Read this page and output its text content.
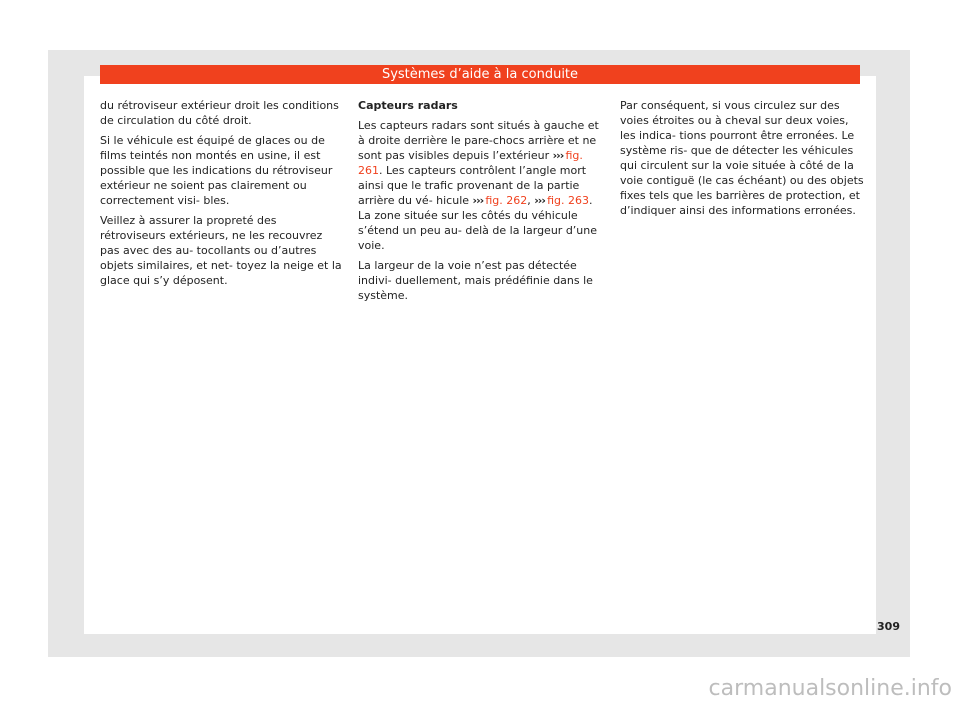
Systèmes d’aide à la conduite

du rétroviseur extérieur droit les conditions de circulation du côté droit.

Si le véhicule est équipé de glaces ou de films teintés non montés en usine, il est possible que les indications du rétroviseur extérieur ne soient pas clairement ou correctement visi- bles.

Veillez à assurer la propreté des rétroviseurs extérieurs, ne les recouvrez pas avec des au- tocollants ou d’autres objets similaires, et net- toyez la neige et la glace qui s’y déposent.

Capteurs radars

Les capteurs radars sont situés à gauche et à droite derrière le pare-chocs arrière et ne sont pas visibles depuis l’extérieur ›››  fig. 261. Les capteurs contrôlent l’angle mort ainsi que le trafic provenant de la partie arrière du vé- hicule ›››  fig. 262, ›››  fig. 263. La zone située sur les côtés du véhicule s’étend un peu au- delà de la largeur d’une voie.

La largeur de la voie n’est pas détectée indivi- duellement, mais prédéfinie dans le système.

Par conséquent, si vous circulez sur des voies étroites ou à cheval sur deux voies, les indica- tions pourront être erronées. Le système ris- que de détecter les véhicules qui circulent sur la voie située à côté de la voie contiguë (le cas échéant) ou des objets fixes tels que les barrières de protection, et d’indiquer ainsi des informations erronées.

309
carmanualsonline.info
